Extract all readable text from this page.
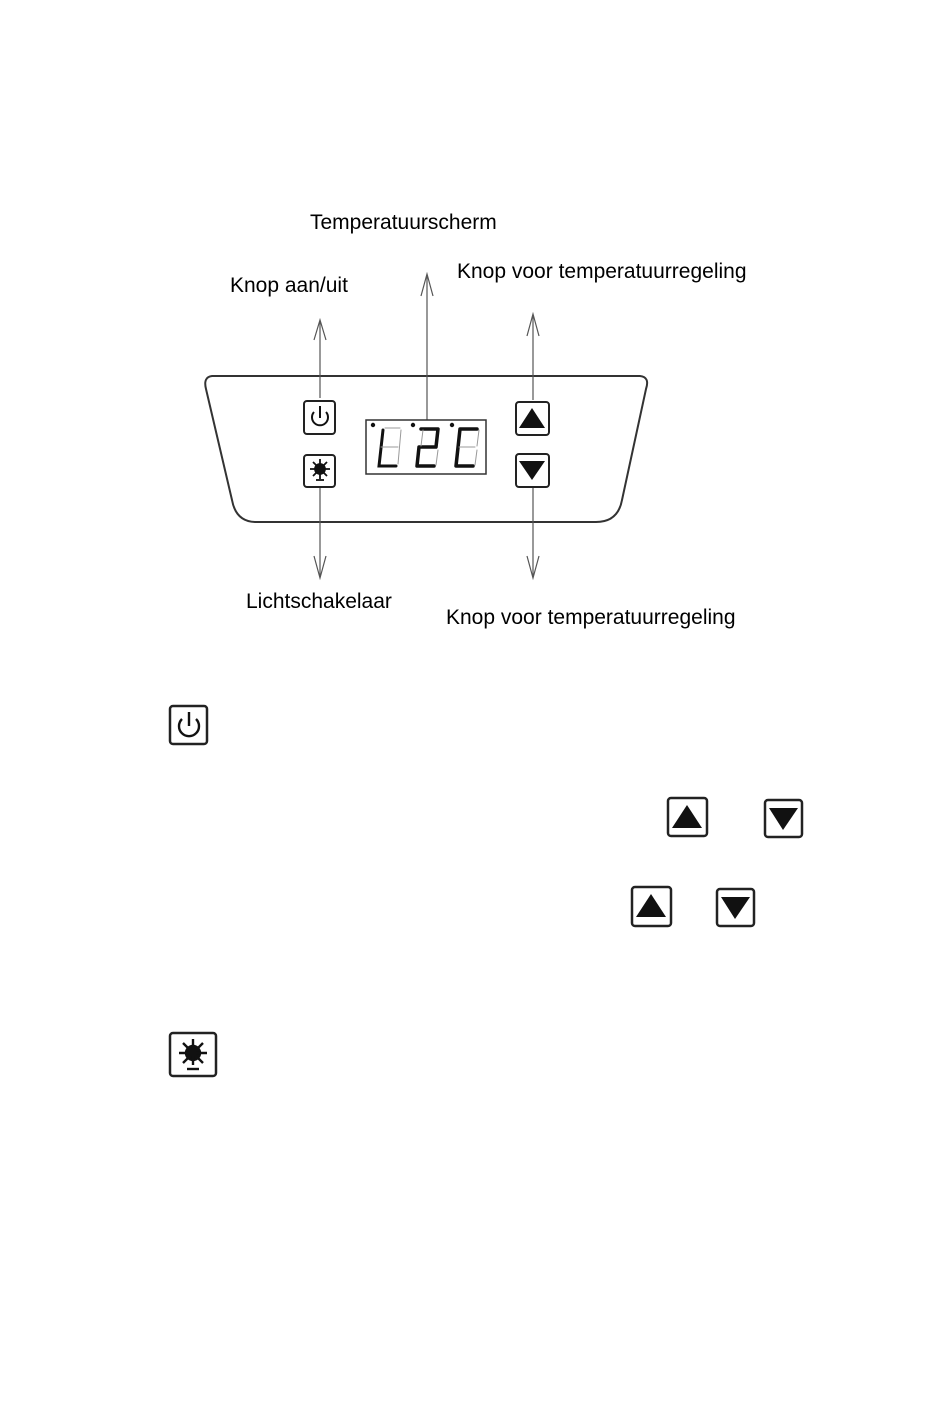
Temperatuurscherm
Knop aan/uit
Knop voor temperatuurregeling
Lichtschakelaar
Knop voor temperatuurregeling
